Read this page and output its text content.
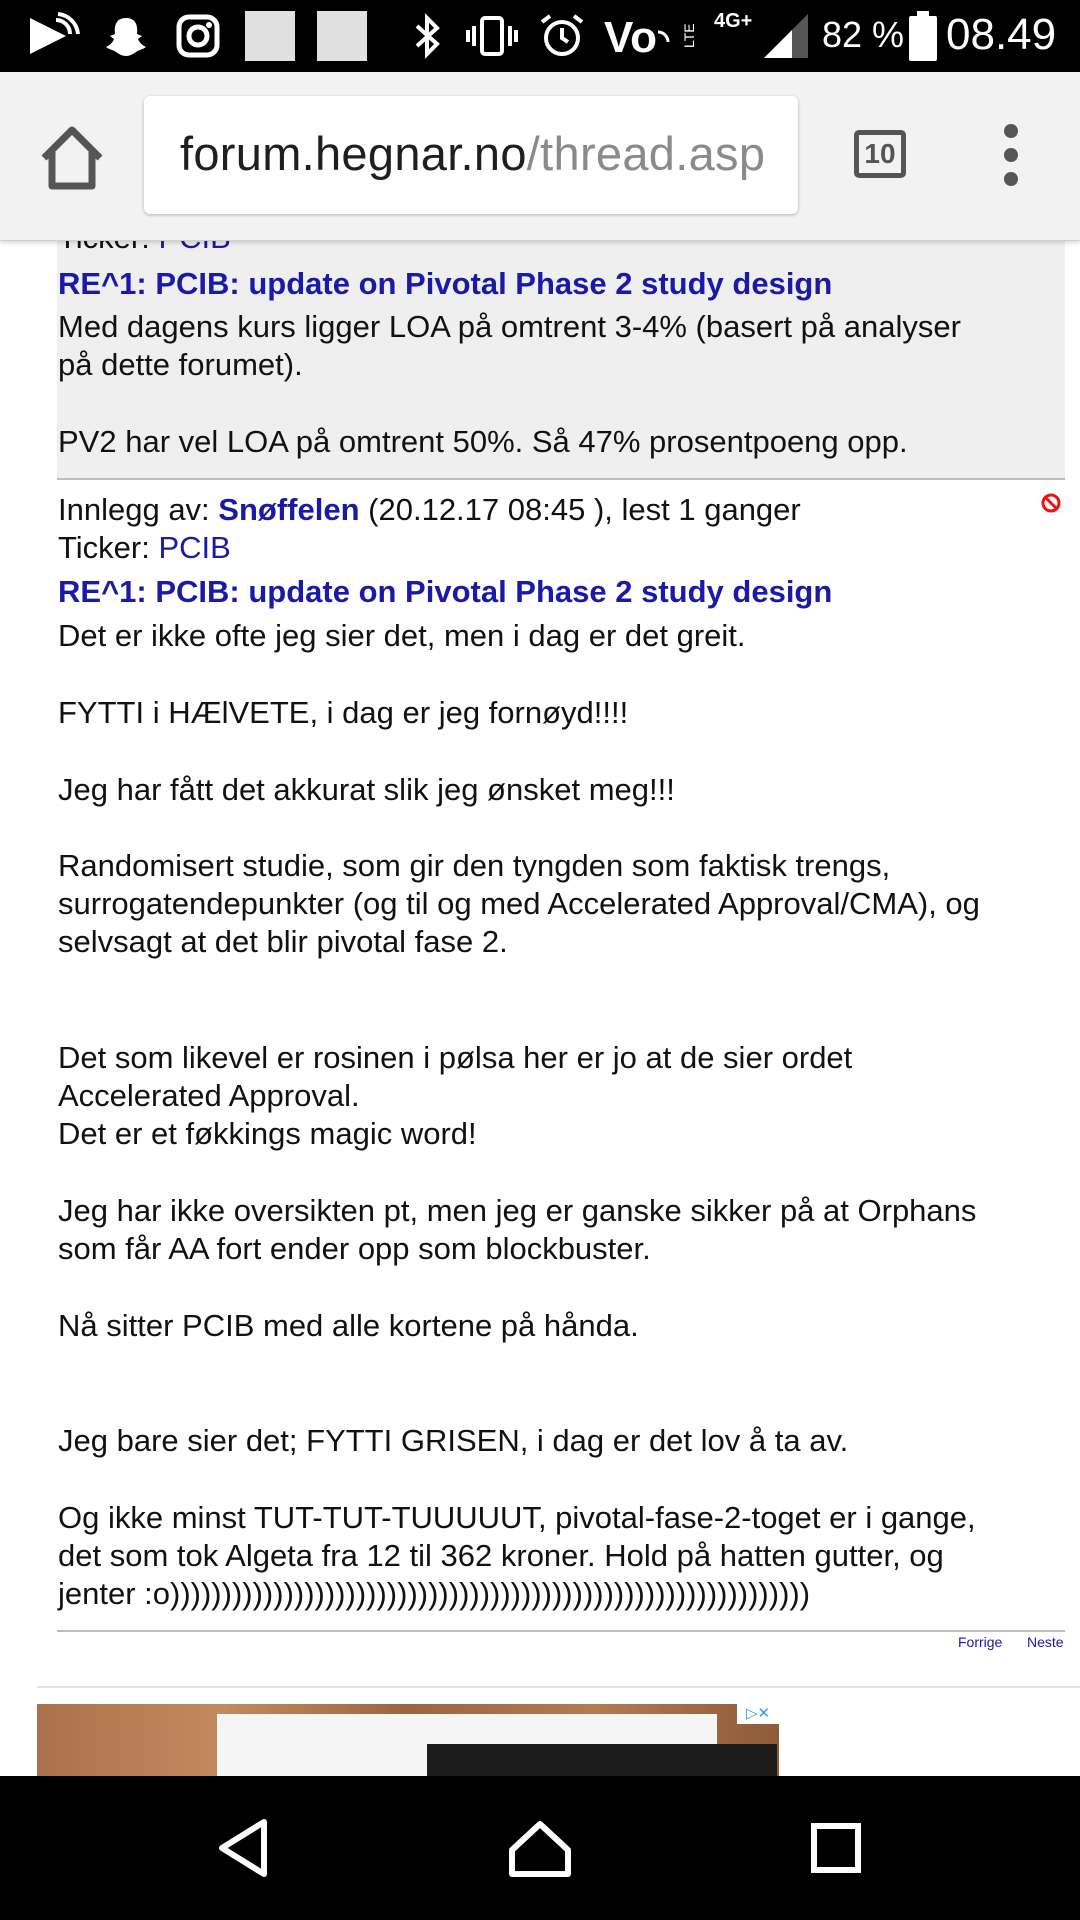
Vo LTE
4G+ 82 % 08.49
forum.hegnar.no/thread.asp	10
RE^1: PCIB: update on Pivotal Phase 2 study design
Med dagens kurs ligger LOA på omtrent 3-4% (basert på analyser
på dette forumet).
PV2 har vel LOA på omtrent 50%. Så 47% prosentpoeng opp.
Innlegg av: Snøffelen (20.12.17 08:45 ), lest 1 ganger
Ticker: PCIB
RE^1: PCIB: update on Pivotal Phase 2 study design
Det er ikke ofte jeg sier det, men i dag er det greit.
FYTTI i HÆlVETE, i dag er jeg fornøyd!!!!
Jeg har fått det akkurat slik jeg ønsket meg!!!
Randomisert studie, som gir den tyngden som faktisk trengs,
surrogatendepunkter (og til og med Accelerated Approval/CMA), og
selvsagt at det blir pivotal fase 2.
Det som likevel er rosinen i pølsa her er jo at de sier ordet
Accelerated Approval.
Det er et føkkings magic word!
Jeg har ikke oversikten pt, men jeg er ganske sikker på at Orphans
som får AA fort ender opp som blockbuster.
Nå sitter PCIB med alle kortene på hånda.
Jeg bare sier det; FYTTI GRISEN, i dag er det lov å ta av.
Og ikke minst TUT-TUT-TUUUUUT, pivotal-fase-2-toget er i gange,
det som tok Algeta fra 12 til 362 kroner. Hold på hatten gutter, og
jenter :o))))))))))))))))))))))))))))))))))))))))))))))))))))))))))))))
Forrige Neste
▷✕
